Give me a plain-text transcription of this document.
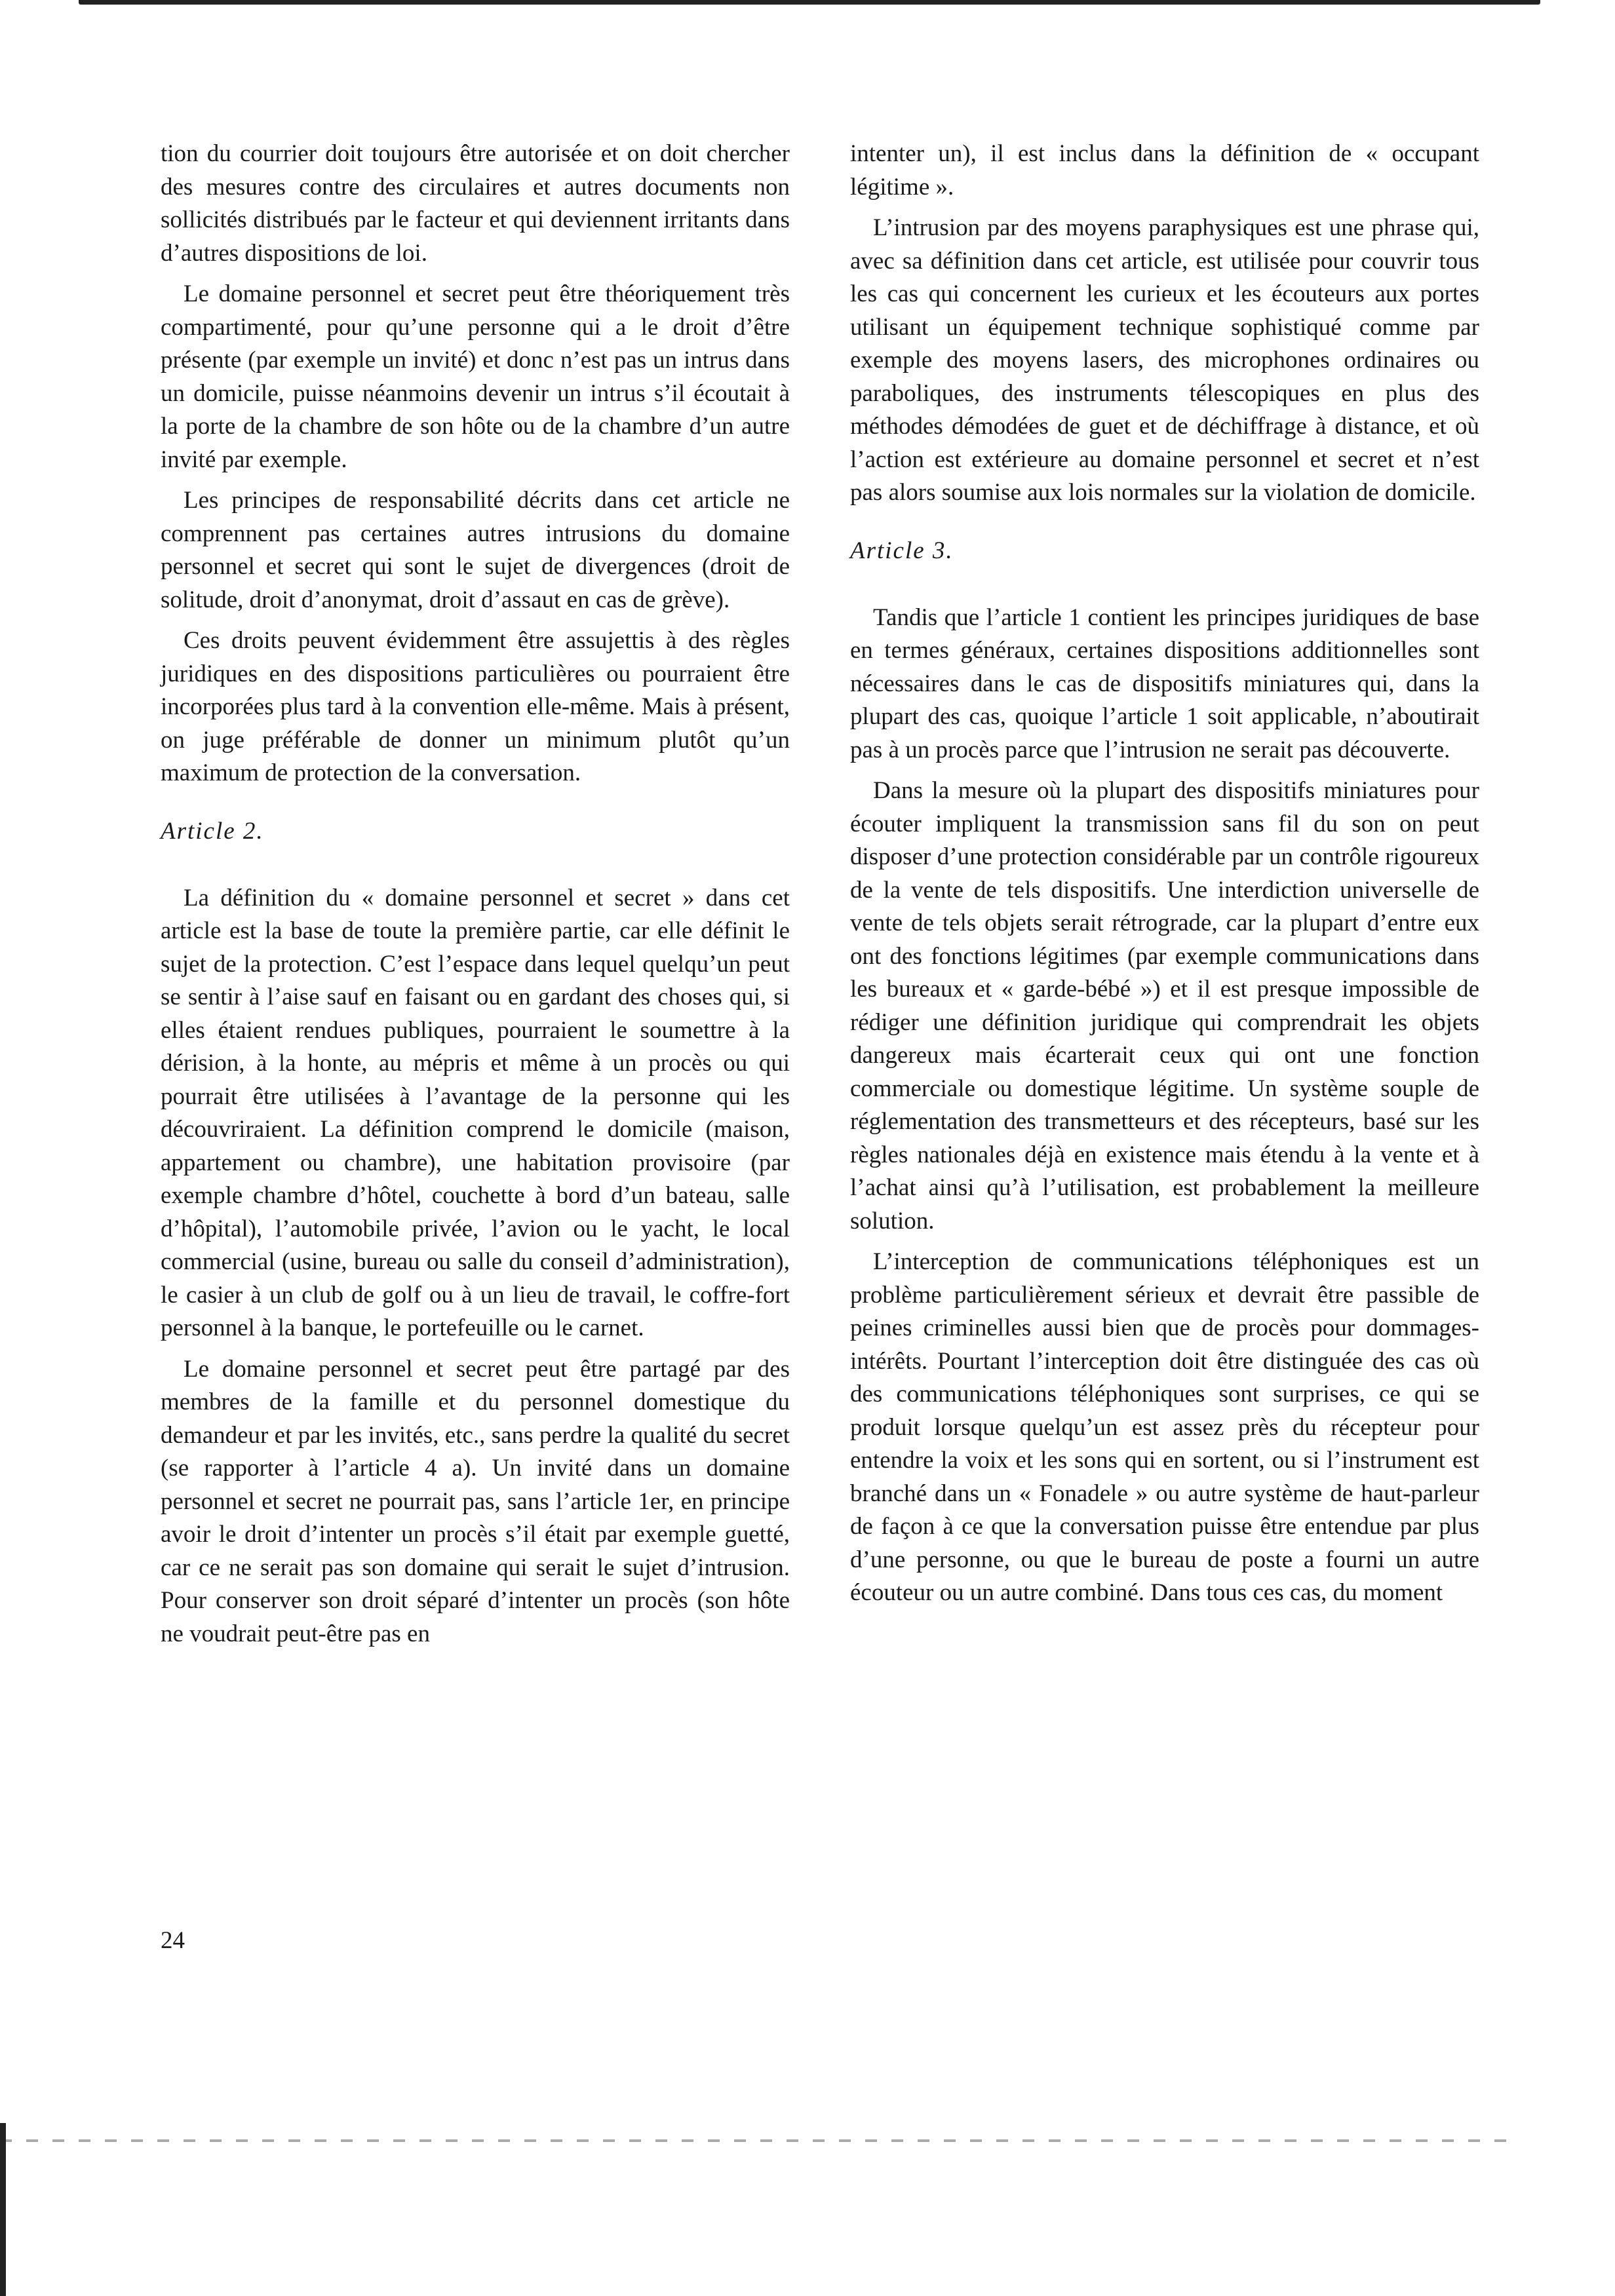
tion du courrier doit toujours être autorisée et on doit chercher des mesures contre des circulaires et autres documents non sollicités distribués par le facteur et qui deviennent irritants dans d’autres dispositions de loi.

Le domaine personnel et secret peut être théoriquement très compartimenté, pour qu’une personne qui a le droit d’être présente (par exemple un invité) et donc n’est pas un intrus dans un domicile, puisse néanmoins devenir un intrus s’il écoutait à la porte de la chambre de son hôte ou de la chambre d’un autre invité par exemple.

Les principes de responsabilité décrits dans cet article ne comprennent pas certaines autres intrusions du domaine personnel et secret qui sont le sujet de divergences (droit de solitude, droit d’anonymat, droit d’assaut en cas de grève).

Ces droits peuvent évidemment être assujettis à des règles juridiques en des dispositions particulières ou pourraient être incorporées plus tard à la convention elle-même. Mais à présent, on juge préférable de donner un minimum plutôt qu’un maximum de protection de la conversation.

Article 2.

La définition du « domaine personnel et secret » dans cet article est la base de toute la première partie, car elle définit le sujet de la protection. C’est l’espace dans lequel quelqu’un peut se sentir à l’aise sauf en faisant ou en gardant des choses qui, si elles étaient rendues publiques, pourraient le soumettre à la dérision, à la honte, au mépris et même à un procès ou qui pourrait être utilisées à l’avantage de la personne qui les découvriraient. La définition comprend le domicile (maison, appartement ou chambre), une habitation provisoire (par exemple chambre d’hôtel, couchette à bord d’un bateau, salle d’hôpital), l’automobile privée, l’avion ou le yacht, le local commercial (usine, bureau ou salle du conseil d’administration), le casier à un club de golf ou à un lieu de travail, le coffre-fort personnel à la banque, le portefeuille ou le carnet.

Le domaine personnel et secret peut être partagé par des membres de la famille et du personnel domestique du demandeur et par les invités, etc., sans perdre la qualité du secret (se rapporter à l’article 4 a). Un invité dans un domaine personnel et secret ne pourrait pas, sans l’article 1er, en principe avoir le droit d’intenter un procès s’il était par exemple guetté, car ce ne serait pas son domaine qui serait le sujet d’intrusion. Pour conserver son droit séparé d’intenter un procès (son hôte ne voudrait peut-être pas en

intenter un), il est inclus dans la définition de « occupant légitime ».

L’intrusion par des moyens paraphysiques est une phrase qui, avec sa définition dans cet article, est utilisée pour couvrir tous les cas qui concernent les curieux et les écouteurs aux portes utilisant un équipement technique sophistiqué comme par exemple des moyens lasers, des microphones ordinaires ou paraboliques, des instruments télescopiques en plus des méthodes démodées de guet et de déchiffrage à distance, et où l’action est extérieure au domaine personnel et secret et n’est pas alors soumise aux lois normales sur la violation de domicile.

Article 3.

Tandis que l’article 1 contient les principes juridiques de base en termes généraux, certaines dispositions additionnelles sont nécessaires dans le cas de dispositifs miniatures qui, dans la plupart des cas, quoique l’article 1 soit applicable, n’aboutirait pas à un procès parce que l’intrusion ne serait pas découverte.

Dans la mesure où la plupart des dispositifs miniatures pour écouter impliquent la transmission sans fil du son on peut disposer d’une protection considérable par un contrôle rigoureux de la vente de tels dispositifs. Une interdiction universelle de vente de tels objets serait rétrograde, car la plupart d’entre eux ont des fonctions légitimes (par exemple communications dans les bureaux et « garde-bébé ») et il est presque impossible de rédiger une définition juridique qui comprendrait les objets dangereux mais écarterait ceux qui ont une fonction commerciale ou domestique légitime. Un système souple de réglementation des transmetteurs et des récepteurs, basé sur les règles nationales déjà en existence mais étendu à la vente et à l’achat ainsi qu’à l’utilisation, est probablement la meilleure solution.

L’interception de communications téléphoniques est un problème particulièrement sérieux et devrait être passible de peines criminelles aussi bien que de procès pour dommages-intérêts. Pourtant l’interception doit être distinguée des cas où des communications téléphoniques sont surprises, ce qui se produit lorsque quelqu’un est assez près du récepteur pour entendre la voix et les sons qui en sortent, ou si l’instrument est branché dans un « Fonadele » ou autre système de haut-parleur de façon à ce que la conversation puisse être entendue par plus d’une personne, ou que le bureau de poste a fourni un autre écouteur ou un autre combiné. Dans tous ces cas, du moment

24
